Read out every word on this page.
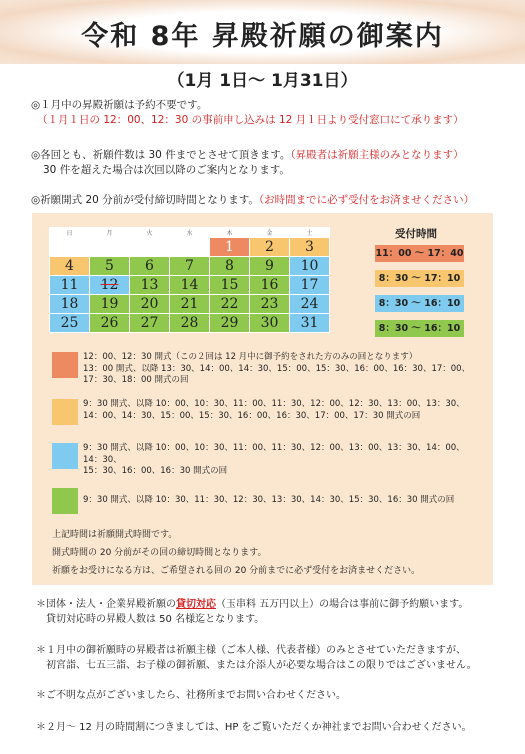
令和 8年 昇殿祈願の御案内
（1月 1日～ 1月31日）
◎１月中の昇殿祈願は予約不要です。
（１月１日の 12：00、12：30 の事前申し込みは 12 月１日より受付窓口にて承ります）
◎各回とも、祈願件数は 30 件までとさせて頂きます。（昇殿者は祈願主様のみとなります）
30 件を超えた場合は次回以降のご案内となります。
◎祈願開式 20 分前が受付締切時間となります。（お時間までに必ず受付をお済ませください）
日	月	火	水	木	金	土
				1	2	3
4	5	6	7	8	9	10
11	12	13	14	15	16	17
18	19	20	21	22	23	24
25	26	27	28	29	30	31
受付時間
11：00 ～ 17：40
8：30 ～ 17：10
8：30 ～ 16：10
8：30 ～ 16：10
12：00、12：30 開式（この２回は 12 月中に御予約をされた方のみの回となります）
13：00 開式、以降 13：30、14：00、14：30、15：00、15：30、16：00、16：30、17：00、
17：30、18：00 開式の回
9：30 開式、以降 10：00、10：30、11：00、11：30、12：00、12：30、13：00、13：30、
14：00、14：30、15：00、15：30、16：00、16：30、17：00、17：30 開式の回
9：30 開式、以降 10：00、10：30、11：00、11：30、12：00、13：00、13：30、14：00、14：30、
15：30、16：00、16：30 開式の回
9：30 開式、以降 10：30、11：30、12：30、13：30、14：30、15：30、16：30 開式の回
上記時間は祈願開式時間です。
開式時間の 20 分前がその回の締切時間となります。
祈願をお受けになる方は、ご希望される回の 20 分前までに必ず受付をお済ませください。
＊団体・法人・企業昇殿祈願の貸切対応（玉串料 五万円以上）の場合は事前に御予約願います。
貸切対応時の昇殿人数は 50 名様迄となります。
＊１月中の御祈願時の昇殿者は祈願主様（ご本人様、代表者様）のみとさせていただきますが、
初宮詣、七五三詣、お子様の御祈願、または介添人が必要な場合はこの限りではございません。
＊ご不明な点がございましたら、社務所までお問い合わせください。
＊２月～ 12 月の時間割につきましては、HP をご覧いただくか神社までお問い合わせください。
